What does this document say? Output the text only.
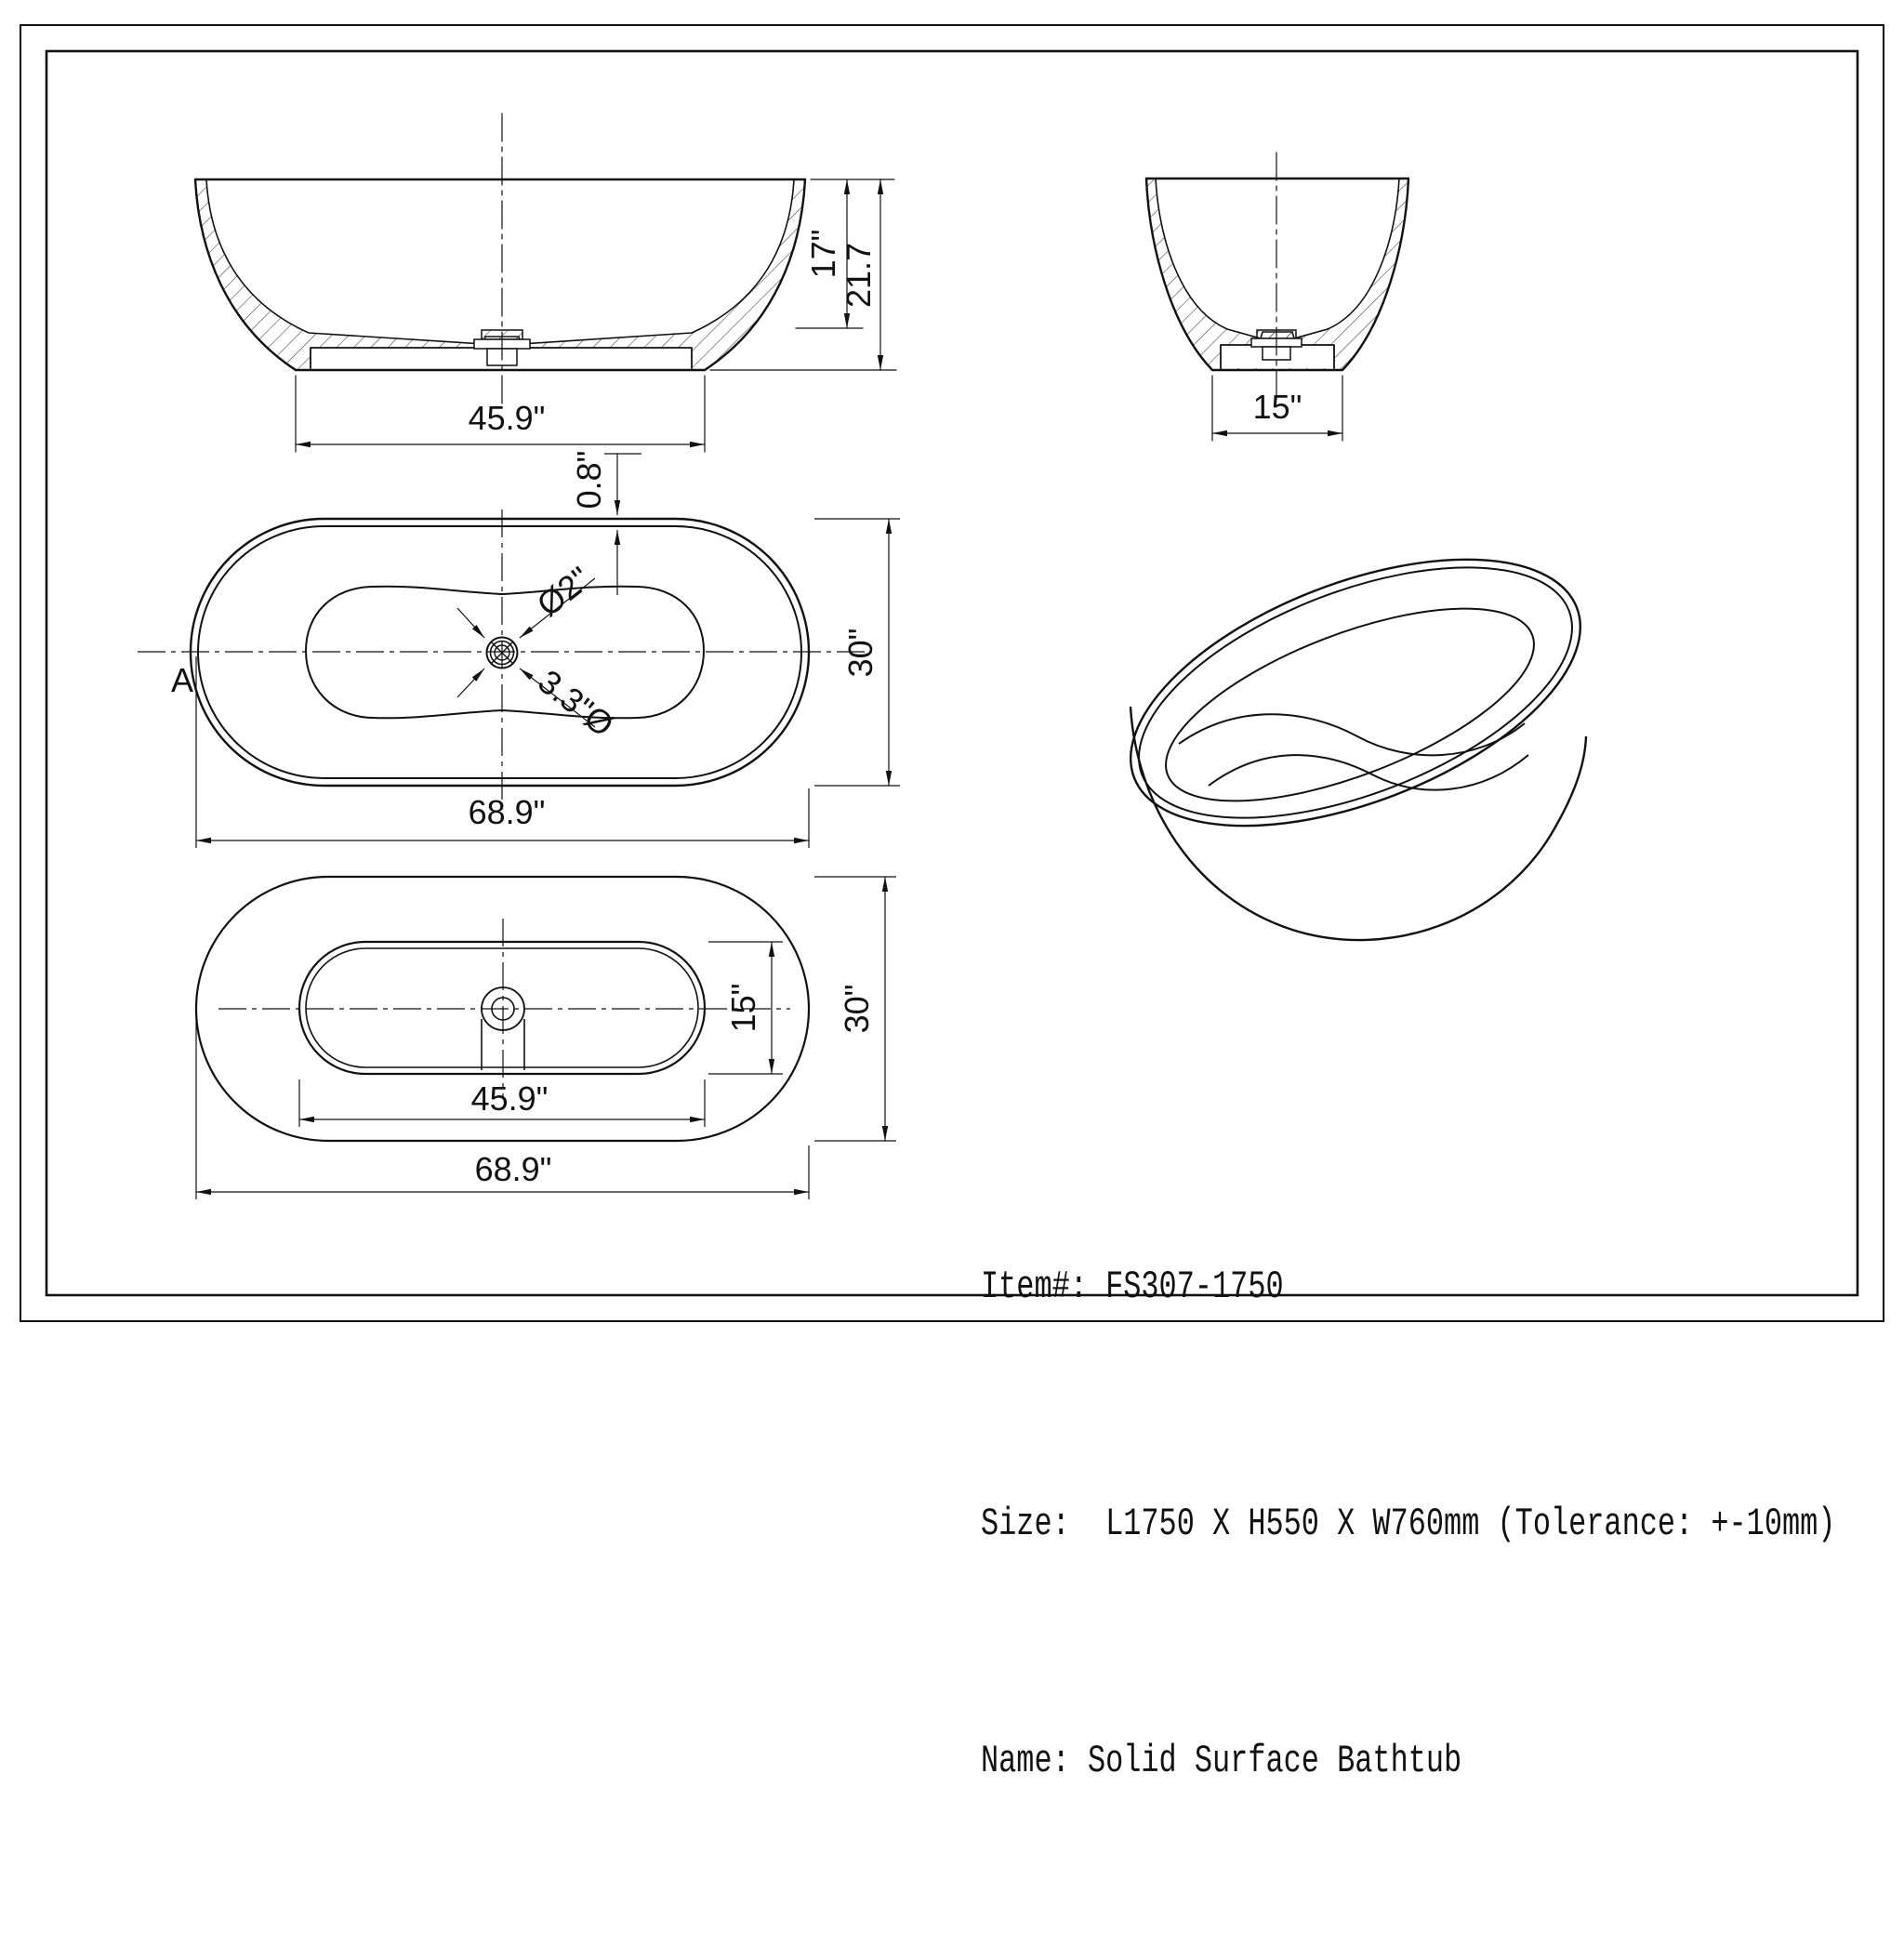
45.9"
17"
21.7
15"
Ø2"
3.3"Ø
A
0.8"
30"
68.9"
15" 30"
45.9"
68.9"

Item#: FS307-1750

Size:  L1750 X H550 X W760mm (Tolerance: +-10mm)

Name: Solid Surface Bathtub
